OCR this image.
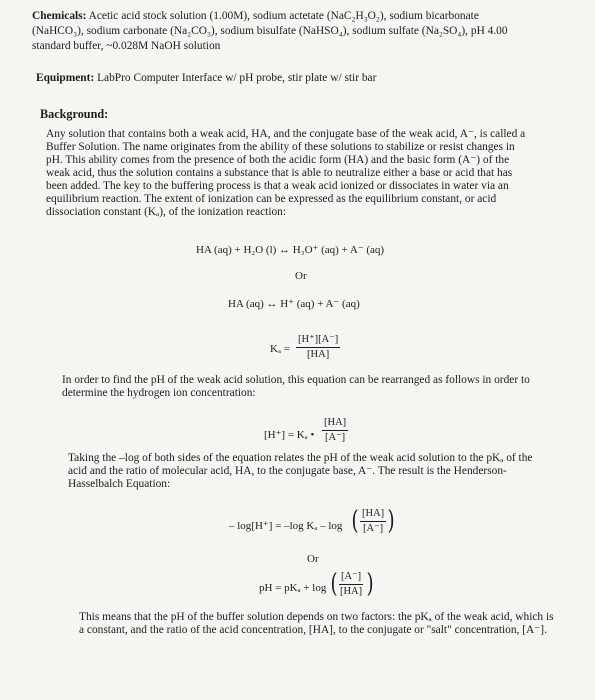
Chemicals: Acetic acid stock solution (1.00M), sodium actetate (NaC₂H₃O₂), sodium bicarbonate
(NaHCO₃), sodium carbonate (Na₂CO₃), sodium bisulfate (NaHSO₄), sodium sulfate (Na₂SO₄), pH 4.00
standard buffer, ~0.028M NaOH solution
Equipment: LabPro Computer Interface w/ pH probe, stir plate w/ stir bar
Background:
Any solution that contains both a weak acid, HA, and the conjugate base of the weak acid, A⁻, is called a
Buffer Solution. The name originates from the ability of these solutions to stabilize or resist changes in
pH. This ability comes from the presence of both the acidic form (HA) and the basic form (A⁻) of the
weak acid, thus the solution contains a substance that is able to neutralize either a base or acid that has
been added. The key to the buffering process is that a weak acid ionized or dissociates in water via an
equilibrium reaction. The extent of ionization can be expressed as the equilibrium constant, or acid
dissociation constant (Kₐ), of the ionization reaction:
HA (aq) + H₂O (l) ↔ H₃O⁺ (aq) + A⁻ (aq)
Or
HA (aq) ↔ H⁺ (aq) + A⁻ (aq)
$K_a = \frac{[H^+][A^-]}{[HA]}$
In order to find the pH of the weak acid solution, this equation can be rearranged as follows in order to
determine the hydrogen ion concentration:
[H⁺] = Kₐ • $\frac{[HA]}{[A^-]}$
Taking the –log of both sides of the equation relates the pH of the weak acid solution to the pKₐ of the
acid and the ratio of molecular acid, HA, to the conjugate base, A⁻. The result is the Henderson-
Hasselbalch Equation:
– log[H⁺] = –log Kₐ – log ( $\frac{[HA]}{[A^-]}$ )
Or
pH = pKₐ + log ( $\frac{[A^-]}{[HA]}$ )
This means that the pH of the buffer solution depends on two factors: the pKₐ of the weak acid, which is
a constant, and the ratio of the acid concentration, [HA], to the conjugate or "salt" concentration, [A⁻].
